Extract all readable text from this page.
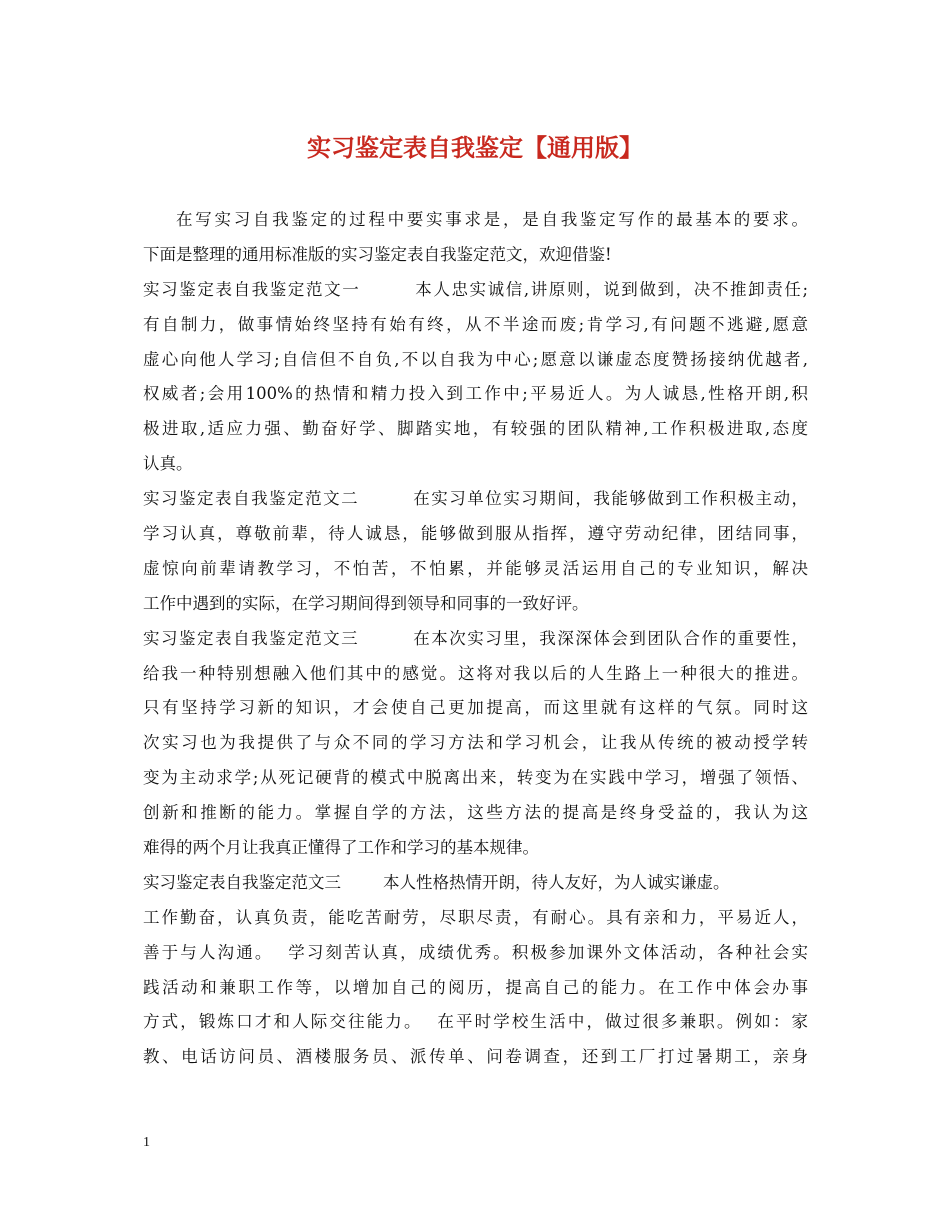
实习鉴定表自我鉴定【通用版】
在写实习自我鉴定的过程中要实事求是，是自我鉴定写作的最基本的要求。
下面是整理的通用标准版的实习鉴定表自我鉴定范文，欢迎借鉴!
实习鉴定表自我鉴定范文一        本人忠实诚信,讲原则，说到做到，决不推卸责任;
有自制力，做事情始终坚持有始有终，从不半途而废;肯学习,有问题不逃避,愿意
虚心向他人学习;自信但不自负,不以自我为中心;愿意以谦虚态度赞扬接纳优越者,
权威者;会用100%的热情和精力投入到工作中;平易近人。为人诚恳,性格开朗,积
极进取,适应力强、勤奋好学、脚踏实地，有较强的团队精神,工作积极进取,态度
认真。
实习鉴定表自我鉴定范文二        在实习单位实习期间，我能够做到工作积极主动，
学习认真，尊敬前辈，待人诚恳，能够做到服从指挥，遵守劳动纪律，团结同事，
虚惊向前辈请教学习，不怕苦，不怕累，并能够灵活运用自己的专业知识，解决
工作中遇到的实际，在学习期间得到领导和同事的一致好评。
实习鉴定表自我鉴定范文三        在本次实习里，我深深体会到团队合作的重要性，
给我一种特别想融入他们其中的感觉。这将对我以后的人生路上一种很大的推进。
只有坚持学习新的知识，才会使自己更加提高，而这里就有这样的气氛。同时这
次实习也为我提供了与众不同的学习方法和学习机会，让我从传统的被动授学转
变为主动求学;从死记硬背的模式中脱离出来，转变为在实践中学习，增强了领悟、
创新和推断的能力。掌握自学的方法，这些方法的提高是终身受益的，我认为这
难得的两个月让我真正懂得了工作和学习的基本规律。
实习鉴定表自我鉴定范文三        本人性格热情开朗，待人友好，为人诚实谦虚。
工作勤奋，认真负责，能吃苦耐劳，尽职尽责，有耐心。具有亲和力，平易近人，
善于与人沟通。  学习刻苦认真，成绩优秀。积极参加课外文体活动，各种社会实
践活动和兼职工作等，以增加自己的阅历，提高自己的能力。在工作中体会办事
方式，锻炼口才和人际交往能力。  在平时学校生活中，做过很多兼职。例如：家
教、电话访问员、酒楼服务员、派传单、问卷调查，还到工厂打过暑期工，亲身
1
